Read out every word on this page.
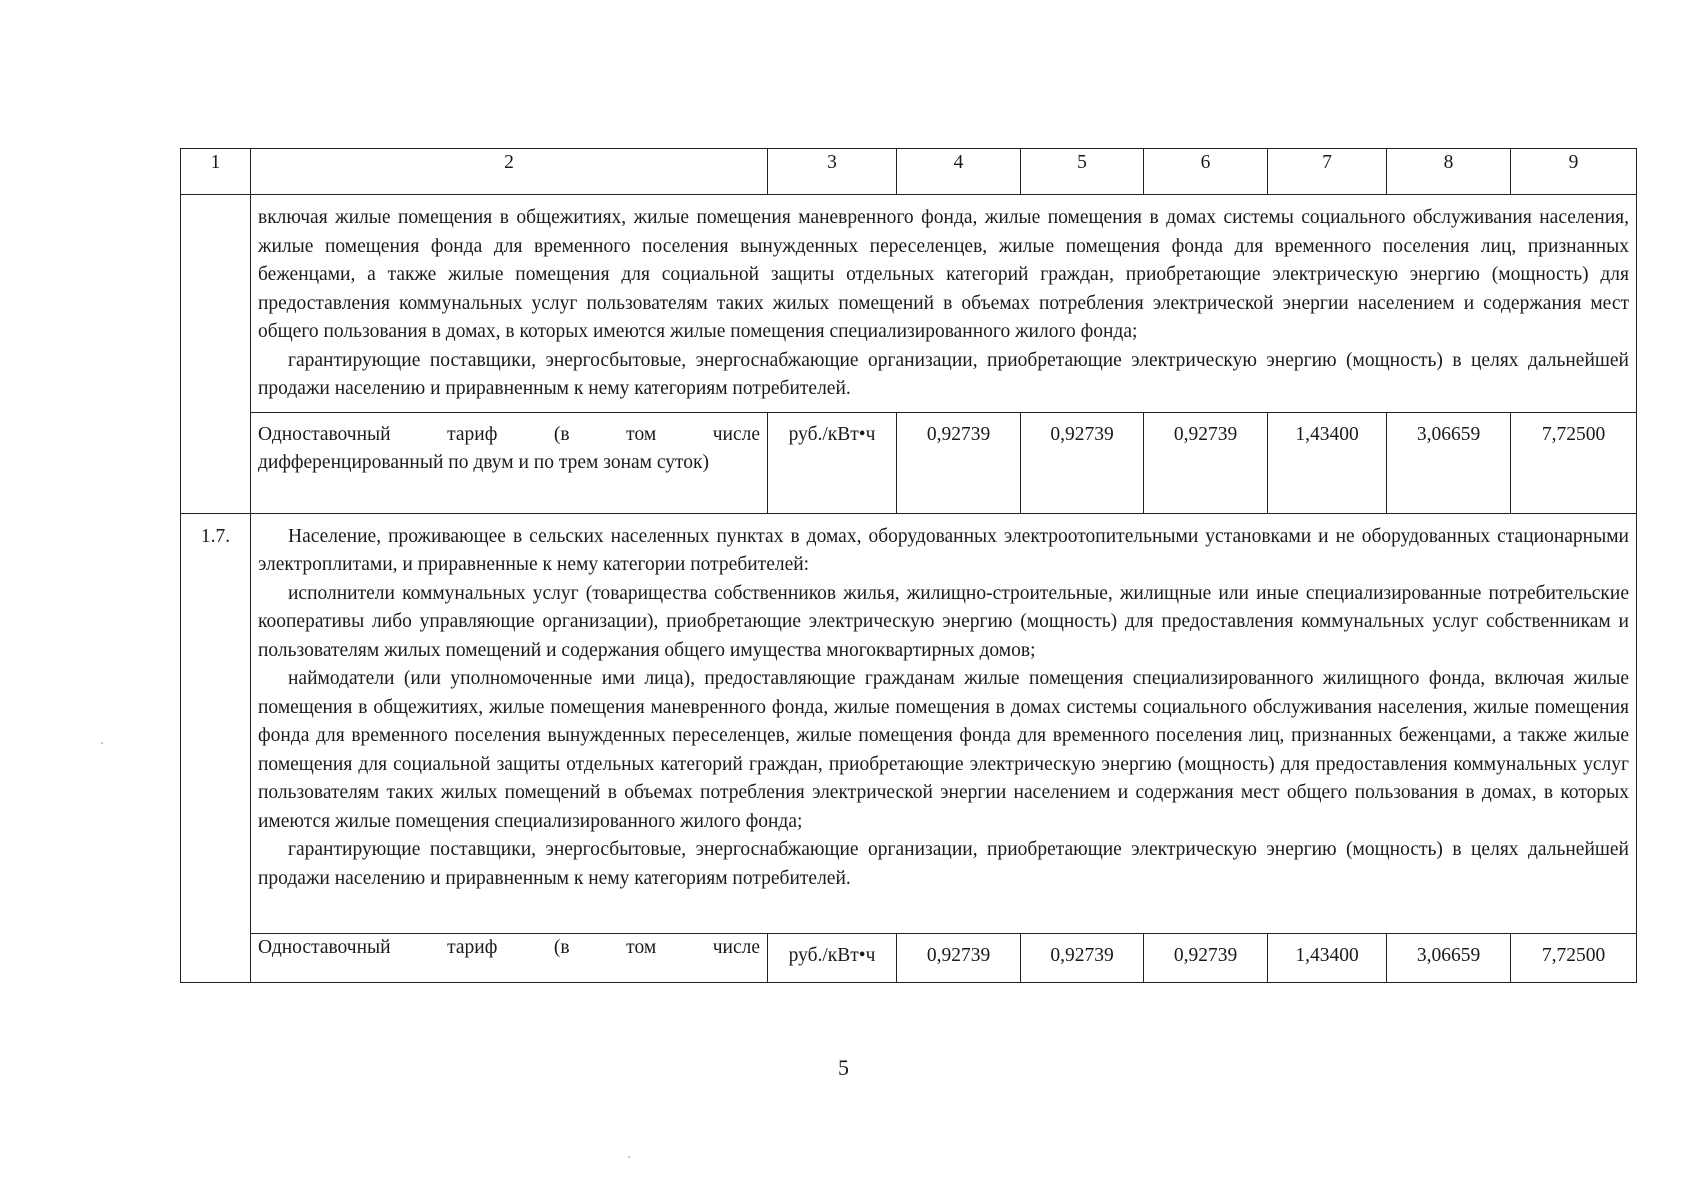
1	2	3	4	5	6	7	8	9

	включая жилые помещения в общежитиях, жилые помещения маневренного фонда, жилые помещения в домах системы социального обслуживания населения, жилые помещения фонда для временного поселения вынужденных переселенцев, жилые помещения фонда для временного поселения лиц, признанных беженцами, а также жилые помещения для социальной защиты отдельных категорий граждан, приобретающие электрическую энергию (мощность) для предоставления коммунальных услуг пользователям таких жилых помещений в объемах потребления электрической энергии населением и содержания мест общего пользования в домах, в которых имеются жилые помещения специализированного жилого фонда;

гарантирующие поставщики, энергосбытовые, энергоснабжающие организации, приобретающие электрическую энергию (мощность) в целях дальнейшей продажи населению и приравненным к нему категориям потребителей.							

	Одноставочный тариф (в том числе
дифференцированный по двум и по трем зонам суток)	руб./кВт•ч	0,92739	0,92739	0,92739	1,43400	3,06659	7,72500
1.7.	Население, проживающее в сельских населенных пунктах в домах, оборудованных электроотопительными установками и не оборудованных стационарными электроплитами, и приравненные к нему категории потребителей:

исполнители коммунальных услуг (товарищества собственников жилья, жилищно-строительные, жилищные или иные специализированные потребительские кооперативы либо управляющие организации), приобретающие электрическую энергию (мощность) для предоставления коммунальных услуг собственникам и пользователям жилых помещений и содержания общего имущества многоквартирных домов;

наймодатели (или уполномоченные ими лица), предоставляющие гражданам жилые помещения специализированного жилищного фонда, включая жилые помещения в общежитиях, жилые помещения маневренного фонда, жилые помещения в домах системы социального обслуживания населения, жилые помещения фонда для временного поселения вынужденных переселенцев, жилые помещения фонда для временного поселения лиц, признанных беженцами, а также жилые помещения для социальной защиты отдельных категорий граждан, приобретающие электрическую энергию (мощность) для предоставления коммунальных услуг пользователям таких жилых помещений в объемах потребления электрической энергии населением и содержания мест общего пользования в домах, в которых имеются жилые помещения специализированного жилого фонда;

гарантирующие поставщики, энергосбытовые, энергоснабжающие организации, приобретающие электрическую энергию (мощность) в целях дальнейшей продажи населению и приравненным к нему категориям потребителей.							

	Одноставочный тариф (в том числе	руб./кВт•ч	0,92739	0,92739	0,92739	1,43400	3,06659	7,72500
5
